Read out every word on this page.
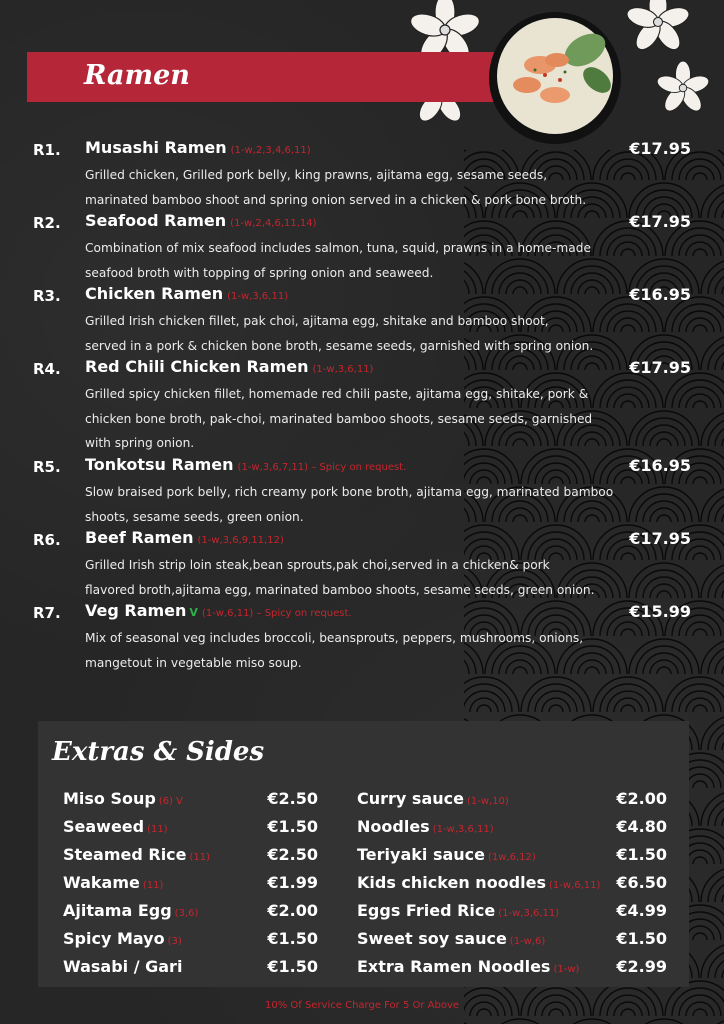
Ramen
R1. Musashi Ramen (1-w,2,3,4,6,11)	€17.95
Grilled chicken, Grilled pork belly, king prawns, ajitama egg, sesame seeds,
marinated bamboo shoot and spring onion served in a chicken & pork bone broth.
R2. Seafood Ramen (1-w,2,4,6,11,14)	€17.95
Combination of mix seafood includes salmon, tuna, squid, prawns in a home-made
seafood broth with topping of spring onion and seaweed.
R3. Chicken Ramen (1-w,3,6,11)	€16.95
Grilled Irish chicken fillet, pak choi, ajitama egg, shitake and bamboo shoot,
served in a pork & chicken bone broth, sesame seeds, garnished with spring onion.
R4. Red Chili Chicken Ramen (1-w,3,6,11)	€17.95
Grilled spicy chicken fillet, homemade red chili paste, ajitama egg, shitake, pork &
chicken bone broth, pak-choi, marinated bamboo shoots, sesame seeds, garnished
with spring onion.
R5. Tonkotsu Ramen (1-w,3,6,7,11) – Spicy on request.	€16.95
Slow braised pork belly, rich creamy pork bone broth, ajitama egg, marinated bamboo
shoots, sesame seeds, green onion.
R6. Beef Ramen (1-w,3,6,9,11,12)	€17.95
Grilled Irish strip loin steak,bean sprouts,pak choi,served in a chicken& pork
flavored broth,ajitama egg, marinated bamboo shoots, sesame seeds, green onion.
R7. Veg Ramen V (1-w,6,11) – Spicy on request.	€15.99
Mix of seasonal veg includes broccoli, beansprouts, peppers, mushrooms, onions,
mangetout in vegetable miso soup.
Extras & Sides
Miso Soup (6) V	€2.50
Seaweed (11)	€1.50
Steamed Rice (11)	€2.50
Wakame (11)	€1.99
Ajitama Egg (3,6)	€2.00
Spicy Mayo (3)	€1.50
Wasabi / Gari	€1.50
Curry sauce (1-w,10)	€2.00
Noodles (1-w,3,6,11)	€4.80
Teriyaki sauce (1w,6,12)	€1.50
Kids chicken noodles (1-w,6,11) €6.50
Eggs Fried Rice (1-w,3,6,11)	€4.99
Sweet soy sauce (1-w,6)	€1.50
Extra Ramen Noodles (1-w) €2.99
10% Of Service Charge For 5 Or Above
